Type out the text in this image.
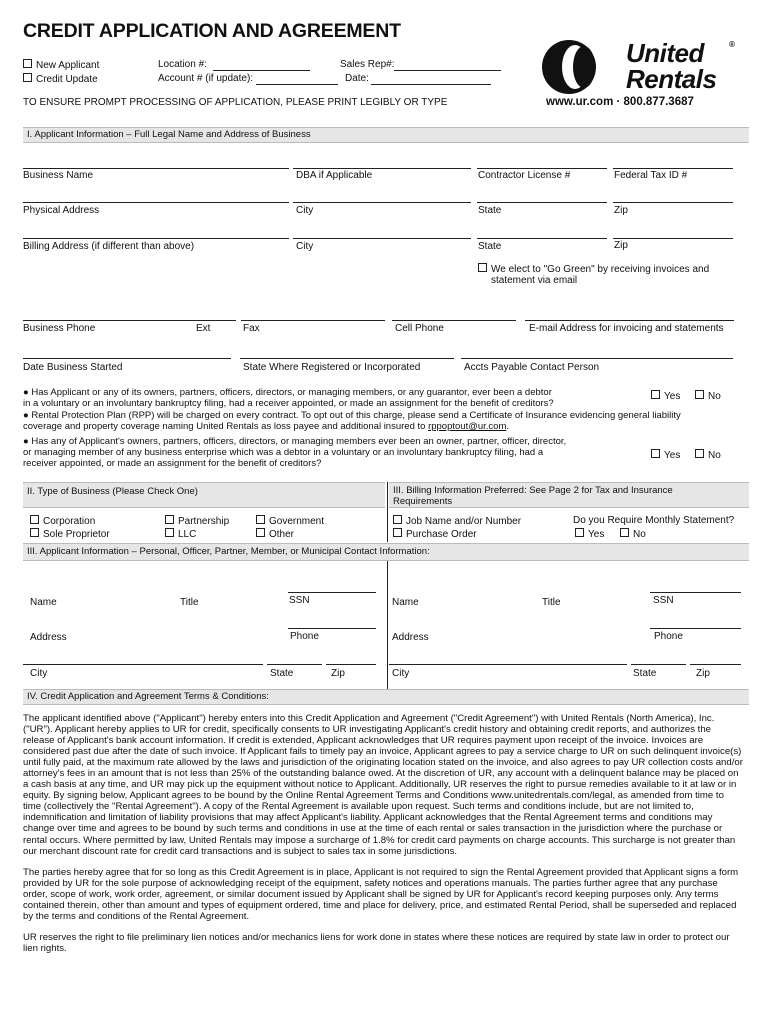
CREDIT APPLICATION AND AGREEMENT
New Applicant
Credit Update
Location #:
Account # (if update):
Sales Rep#:
Date:
TO ENSURE PROMPT PROCESSING OF APPLICATION, PLEASE PRINT LEGIBLY OR TYPE
United	®
Rentals
www.ur.com · 800.877.3687
I. Applicant Information – Full Legal Name and Address of Business
Business Name	DBA if Applicable	Contractor License #	Federal Tax ID #
Physical Address	City	State	Zip
Billing Address (if different than above)	City	State	Zip
We elect to "Go Green" by receiving invoices and
statement via email
Business Phone	Ext	Fax	Cell Phone	E-mail Address for invoicing and statements
Date Business Started	State Where Registered or Incorporated	Accts Payable Contact Person
● Has Applicant or any of its owners, partners, officers, directors, or managing members, or any guarantor, ever been a debtor
in a voluntary or an involuntary bankruptcy filing, had a receiver appointed, or made an assignment for the benefit of creditors?
Yes	No
● Rental Protection Plan (RPP) will be charged on every contract. To opt out of this charge, please send a Certificate of Insurance evidencing general liability
coverage and property coverage naming United Rentals as loss payee and additional insured to rppoptout@ur.com.
● Has any of Applicant's owners, partners, officers, directors, or managing members ever been an owner, partner, officer, director,
or managing member of any business enterprise which was a debtor in a voluntary or an involuntary bankruptcy filing, had a
receiver appointed, or made an assignment for the benefit of creditors?
Yes	No
II. Type of Business (Please Check One)	III. Billing Information Preferred: See Page 2 for Tax and Insurance
Requirements
Corporation
Sole Proprietor
Partnership
LLC
Government
Other
Job Name and/or Number
Purchase Order
Do you Require Monthly Statement?
Yes	No
III. Applicant Information – Personal, Officer, Partner, Member, or Municipal Contact Information:
Name	Title	SSN
Address	Phone
City	State	Zip
Name	Title	SSN
Address	Phone
City	State	Zip
IV. Credit Application and Agreement Terms & Conditions:

The applicant identified above ("Applicant") hereby enters into this Credit Application and Agreement ("Credit Agreement") with United Rentals (North America), Inc. ("UR"). Applicant hereby applies to UR for credit, specifically consents to UR investigating Applicant's credit history and obtaining credit reports, and authorizes the release of Applicant's bank account information. If credit is extended, Applicant acknowledges that UR requires payment upon receipt of the invoice. Invoices are considered past due after the date of such invoice. If Applicant fails to timely pay an invoice, Applicant agrees to pay a service charge to UR on such delinquent invoice(s) until fully paid, at the maximum rate allowed by the laws and jurisdiction of the originating location stated on the invoice, and also agrees to pay UR collection costs and/or attorney's fees in an amount that is not less than 25% of the outstanding balance owed. At the discretion of UR, any account with a delinquent balance may be placed on a cash basis at any time, and UR may pick up the equipment without notice to Applicant. Additionally, UR reserves the right to pursue remedies available to it at law or in equity. By signing below, Applicant agrees to be bound by the Online Rental Agreement Terms and Conditions www.unitedrentals.com/legal, as amended from time to time (collectively the "Rental Agreement"). A copy of the Rental Agreement is available upon request. Such terms and conditions include, but are not limited to, indemnification and limitation of liability provisions that may affect Applicant's liability. Applicant acknowledges that the Rental Agreement terms and conditions may change over time and agrees to be bound by such terms and conditions in use at the time of each rental or sales transaction in the jurisdiction where the purchase or rental occurs. Where permitted by law, United Rentals may impose a surcharge of 1.8% for credit card payments on charge accounts. This surcharge is not greater than our merchant discount rate for credit card transactions and is subject to sales tax in some jurisdictions.

The parties hereby agree that for so long as this Credit Agreement is in place, Applicant is not required to sign the Rental Agreement provided that Applicant signs a form provided by UR for the sole purpose of acknowledging receipt of the equipment, safety notices and operations manuals. The parties further agree that any purchase order, scope of work, work order, agreement, or similar document issued by Applicant shall be signed by UR for Applicant's record keeping purposes only. Any terms contained therein, other than amount and types of equipment ordered, time and place for delivery, price, and estimated Rental Period, shall be superseded and replaced by the terms and conditions of the Rental Agreement.

UR reserves the right to file preliminary lien notices and/or mechanics liens for work done in states where these notices are required by state law in order to protect our lien rights.
